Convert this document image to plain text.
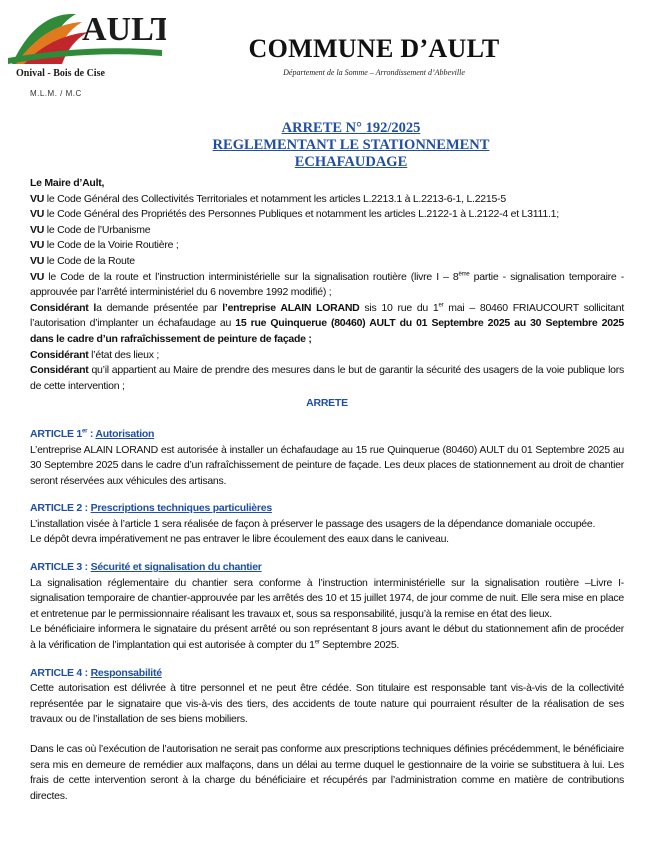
AULT
Onival - Bois de Cise
M.L.M. / M.C
COMMUNE D’AULT
Département de la Somme – Arrondissement d’Abbeville
ARRETE N° 192/2025
REGLEMENTANT LE STATIONNEMENT
ECHAFAUDAGE

Le Maire d’Ault,

VU le Code Général des Collectivités Territoriales et notamment les articles L.2213.1 à L.2213-6-1, L.2215-5

VU le Code Général des Propriétés des Personnes Publiques et notamment les articles L.2122-1 à L.2122-4 et L3111.1;

VU le Code de l’Urbanisme

VU le Code de la Voirie Routière ;

VU le Code de la Route

VU le Code de la route et l’instruction interministérielle sur la signalisation routière (livre I – 8ème partie - signalisation temporaire - approuvée par l’arrêté interministériel du 6 novembre 1992 modifié) ;

Considérant la demande présentée par l’entreprise ALAIN LORAND sis 10 rue du 1er mai – 80460 FRIAUCOURT sollicitant l’autorisation d’implanter un échafaudage au 15 rue Quinquerue (80460) AULT du 01 Septembre 2025 au 30 Septembre 2025 dans le cadre d’un rafraîchissement de peinture de façade ;

Considérant l’état des lieux ;

Considérant qu’il appartient au Maire de prendre des mesures dans le but de garantir la sécurité des usagers de la voie publique lors de cette intervention ;

ARRETE

ARTICLE 1er : Autorisation

L’entreprise ALAIN LORAND est autorisée à installer un échafaudage au 15 rue Quinquerue (80460) AULT du 01 Septembre 2025 au 30 Septembre 2025 dans le cadre d’un rafraîchissement de peinture de façade. Les deux places de stationnement au droit de chantier seront réservées aux véhicules des artisans.

ARTICLE 2 : Prescriptions techniques particulières

L’installation visée à l’article 1 sera réalisée de façon à préserver le passage des usagers de la dépendance domaniale occupée.

Le dépôt devra impérativement ne pas entraver le libre écoulement des eaux dans le caniveau.

ARTICLE 3 : Sécurité et signalisation du chantier

La signalisation réglementaire du chantier sera conforme à l’instruction interministérielle sur la signalisation routière –Livre I- signalisation temporaire de chantier-approuvée par les arrêtés des 10 et 15 juillet 1974, de jour comme de nuit. Elle sera mise en place et entretenue par le permissionnaire réalisant les travaux et, sous sa responsabilité, jusqu’à la remise en état des lieux.

Le bénéficiaire informera le signataire du présent arrêté ou son représentant 8 jours avant le début du stationnement afin de procéder à la vérification de l’implantation qui est autorisée à compter du 1er Septembre 2025.

ARTICLE 4 : Responsabilité

Cette autorisation est délivrée à titre personnel et ne peut être cédée. Son titulaire est responsable tant vis-à-vis de la collectivité représentée par le signataire que vis-à-vis des tiers, des accidents de toute nature qui pourraient résulter de la réalisation de ses travaux ou de l’installation de ses biens mobiliers.

Dans le cas où l’exécution de l’autorisation ne serait pas conforme aux prescriptions techniques définies précédemment, le bénéficiaire sera mis en demeure de remédier aux malfaçons, dans un délai au terme duquel le gestionnaire de la voirie se substituera à lui. Les frais de cette intervention seront à la charge du bénéficiaire et récupérés par l’administration comme en matière de contributions directes.
